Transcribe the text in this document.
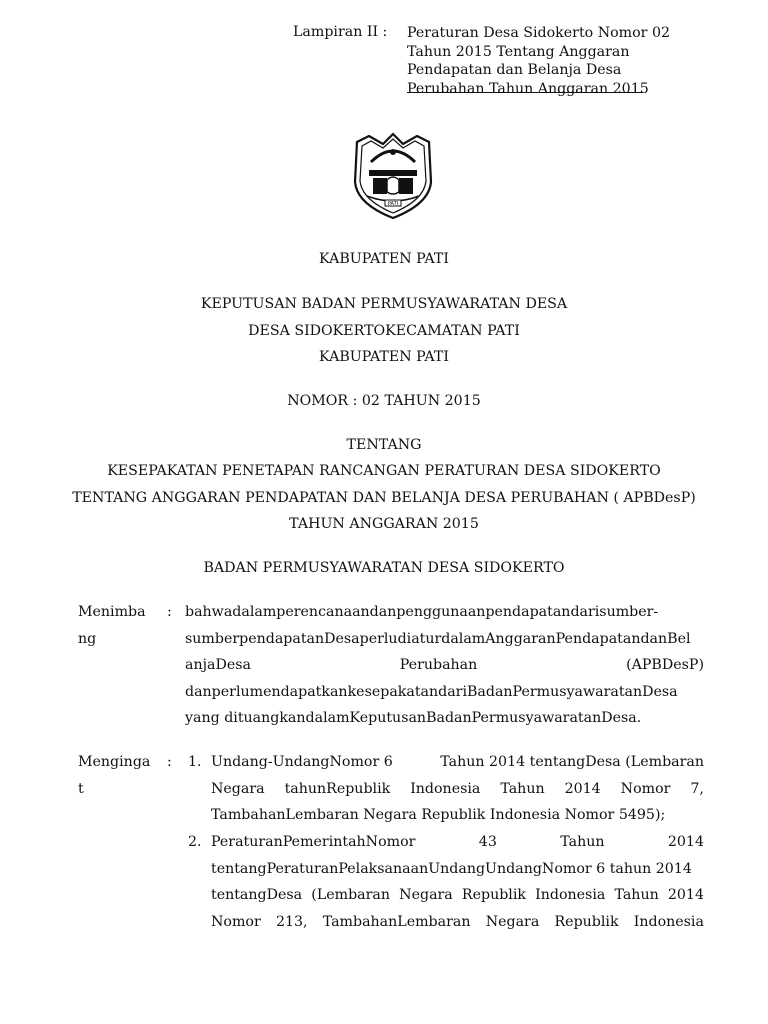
Lampiran II : Peraturan Desa Sidokerto Nomor 02
Tahun 2015 Tentang Anggaran
Pendapatan dan Belanja Desa
Perubahan Tahun Anggaran 2015
PATI
KABUPATEN PATI
KEPUTUSAN BADAN PERMUSYAWARATAN DESA
DESA SIDOKERTOKECAMATAN PATI
KABUPATEN PATI
NOMOR : 02 TAHUN 2015
TENTANG
KESEPAKATAN PENETAPAN RANCANGAN PERATURAN DESA SIDOKERTO
TENTANG ANGGARAN PENDAPATAN DAN BELANJA DESA PERUBAHAN ( APBDesP)
TAHUN ANGGARAN 2015
BADAN PERMUSYAWARATAN DESA SIDOKERTO
Menimba
ng
: bahwadalamperencanaandanpenggunaanpendapatandarisumber-
sumberpendapatanDesaperludiaturdalamAnggaranPendapatandanBel
anjaDesa	Perubahan	(APBDesP)
danperlumendapatkankesepakatandariBadanPermusyawaratanDesa
yang dituangkandalamKeputusanBadanPermusyawaratanDesa.
Menginga
t
: 1. Undang-UndangNomor 6	Tahun 2014 tentangDesa (Lembaran
Negara tahunRepublik Indonesia Tahun 2014 Nomor 7,
TambahanLembaran Negara Republik Indonesia Nomor 5495);
2. PeraturanPemerintahNomor	43	Tahun	2014
tentangPeraturanPelaksanaanUndangUndangNomor 6 tahun 2014
tentangDesa (Lembaran Negara Republik Indonesia Tahun 2014
Nomor 213, TambahanLembaran Negara Republik Indonesia
